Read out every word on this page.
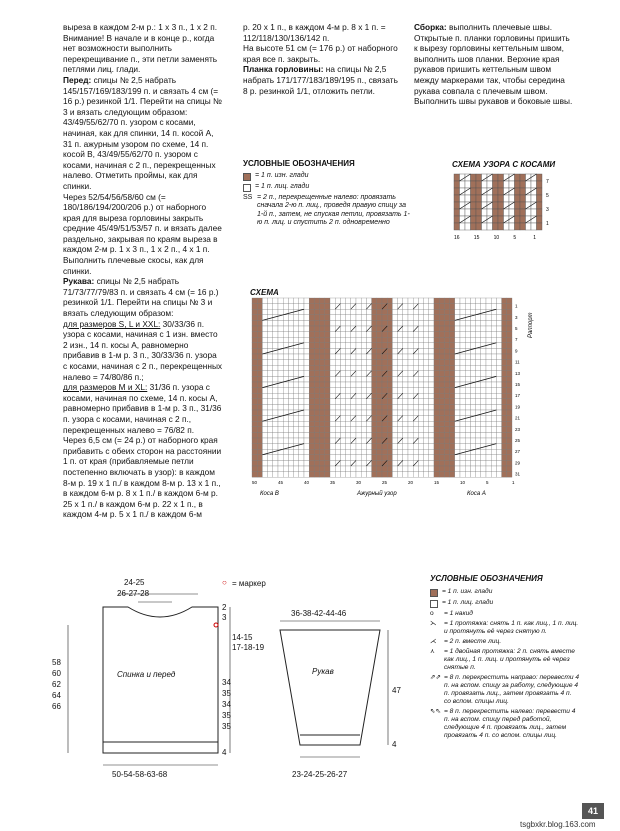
выреза в каждом 2-м р.: 1 х 3 п., 1 х 2 п. Внимание! В начале и в конце р., когда нет возможности выполнить перекрещивание п., эти петли заменять петлями лиц. глади.

Перед: спицы № 2,5 набрать 145/157/169/183/199 п. и связать 4 см (= 16 р.) резинкой 1/1. Перейти на спицы № 3 и вязать следующим образом: 43/49/55/62/70 п. узором с косами, начиная, как для спинки, 14 п. косой А, 31 п. ажурным узором по схеме, 14 п. косой В, 43/49/55/62/70 п. узором с косами, начиная с 2 п., перекрещенных налево. Отметить проймы, как для спинки.

Через 52/54/56/58/60 см (= 180/186/194/200/206 р.) от наборного края для выреза горловины закрыть средние 45/49/51/53/57 п. и вязать далее раздельно, закрывая по краям выреза в каждом 2-м р. 1 х 3 п., 1 х 2 п., 4 х 1 п. Выполнить плечевые скосы, как для спинки.

Рукава: спицы № 2,5 набрать 71/73/77/79/83 п. и связать 4 см (= 16 р.) резинкой 1/1. Перейти на спицы № 3 и вязать следующим образом:

для размеров S, L и XXL: 30/33/36 п. узора с косами, начиная с 1 изн. вместо 2 изн., 14 п. косы А, равномерно прибавив в 1-м р. 3 п., 30/33/36 п. узора с косами, начиная с 2 п., перекрещенных налево = 74/80/86 п.;

для размеров M и XL: 31/36 п. узора с косами, начиная по схеме, 14 п. косы А, равномерно прибавив в 1-м р. 3 п., 31/36 п. узора с косами, начиная с 2 п., перекрещенных налево = 76/82 п.

Через 6,5 см (= 24 р.) от наборного края прибавить с обеих сторон на расстоянии 1 п. от края (прибавляемые петли постепенно включать в узор): в каждом 8-м р. 19 х 1 п./ в каждом 8-м р. 13 х 1 п., в каждом 6-м р. 8 х 1 п./ в каждом 6-м р. 25 х 1 п./ в каждом 6-м р. 22 х 1 п., в каждом 4-м р. 5 х 1 п./ в каждом 6-м

р. 20 х 1 п., в каждом 4-м р. 8 х 1 п. = 112/118/130/136/142 п.

На высоте 51 см (= 176 р.) от наборного края все п. закрыть.

Планка горловины: на спицы № 2,5 набрать 171/177/183/189/195 п., связать 8 р. резинкой 1/1, отложить петли.

Сборка: выполнить плечевые швы. Открытые п. планки горловины пришить к вырезу горловины кеттельным швом, выполнить шов планки. Верхние края рукавов пришить кеттельным швом между маркерами так, чтобы середина рукава совпала с плечевым швом. Выполнить швы рукавов и боковые швы.

УСЛОВНЫЕ ОБОЗНАЧЕНИЯ
= 1 п. изн. глади
= 1 п. лиц. глади
SS = 2 п., перекрещенные налево: провязать сначала 2-ю п. лиц., проведя правую спицу за 1-й п., затем, не спуская петли, провязать 1-ю п. лиц. и спустить 2 п. одновременно
СХЕМА УЗОРА С КОСАМИ
7
5
3
1
16	15	10	5	1
СХЕМА
31
29
27
25
23
21
19
17
15
13
11
9
7
5
3
1
50	45	40	35	30	25	20	15	10	5	1
Коса В	Ажурный узор	Коса А
Раппорт
○ = маркер
24-25
26-27-28
Спинка и перед
58
60
62
64
66
2
3
14-15
17-18-19
34
35
34
35
35
4
50-54-58-63-68
36-38-42-44-46
Рукав
47
4
23-24-25-26-27
УСЛОВНЫЕ ОБОЗНАЧЕНИЯ
= 1 п. изн. глади
= 1 п. лиц. глади
о	= 1 накид
⋋	= 1 протяжка: снять 1 п. как лиц., 1 п. лиц. и протянуть её через снятую п.
⋌	= 2 п. вместе лиц.
⋏	= 1 двойная протяжка: 2 п. снять вместе как лиц., 1 п. лиц. и протянуть её через снятые п.
⇗⇗ = 8 п. перекрестить направо: перевести 4 п. на вспом. спицу за работу, следующие 4 п. провязать лиц., затем провязать 4 п. со вспом. спицы лиц.
⇖⇖ = 8 п. перекрестить налево: перевести 4 п. на вспом. спицу перед работой, следующие 4 п. провязать лиц., затем провязать 4 п. со вспом. спицы лиц.
41
tsgbxkr.blog.163.com
